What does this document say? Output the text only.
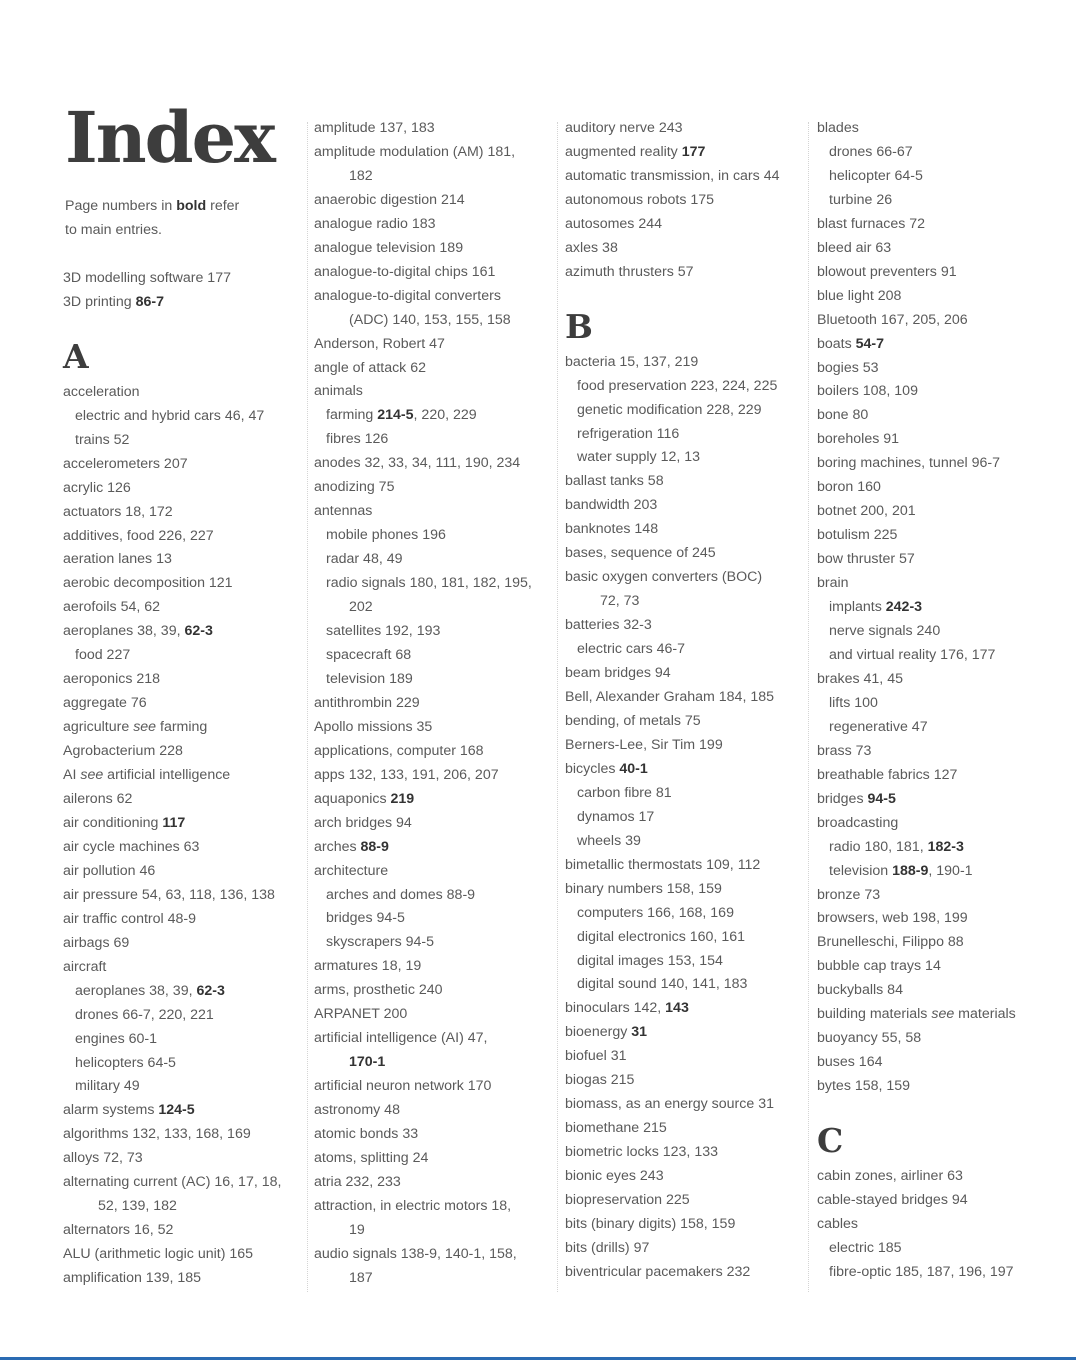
Index
Page numbers in bold refer
to main entries.
3D modelling software 177
3D printing 86-7
A
acceleration
electric and hybrid cars 46, 47
trains 52
accelerometers 207
acrylic 126
actuators 18, 172
additives, food 226, 227
aeration lanes 13
aerobic decomposition 121
aerofoils 54, 62
aeroplanes 38, 39, 62-3
food 227
aeroponics 218
aggregate 76
agriculture see farming
Agrobacterium 228
AI see artificial intelligence
ailerons 62
air conditioning 117
air cycle machines 63
air pollution 46
air pressure 54, 63, 118, 136, 138
air traffic control 48-9
airbags 69
aircraft
aeroplanes 38, 39, 62-3
drones 66-7, 220, 221
engines 60-1
helicopters 64-5
military 49
alarm systems 124-5
algorithms 132, 133, 168, 169
alloys 72, 73
alternating current (AC) 16, 17, 18,
52, 139, 182
alternators 16, 52
ALU (arithmetic logic unit) 165
amplification 139, 185
amplitude 137, 183
amplitude modulation (AM) 181,
182
anaerobic digestion 214
analogue radio 183
analogue television 189
analogue-to-digital chips 161
analogue-to-digital converters
(ADC) 140, 153, 155, 158
Anderson, Robert 47
angle of attack 62
animals
farming 214-5, 220, 229
fibres 126
anodes 32, 33, 34, 111, 190, 234
anodizing 75
antennas
mobile phones 196
radar 48, 49
radio signals 180, 181, 182, 195,
202
satellites 192, 193
spacecraft 68
television 189
antithrombin 229
Apollo missions 35
applications, computer 168
apps 132, 133, 191, 206, 207
aquaponics 219
arch bridges 94
arches 88-9
architecture
arches and domes 88-9
bridges 94-5
skyscrapers 94-5
armatures 18, 19
arms, prosthetic 240
ARPANET 200
artificial intelligence (AI) 47,
170-1
artificial neuron network 170
astronomy 48
atomic bonds 33
atoms, splitting 24
atria 232, 233
attraction, in electric motors 18,
19
audio signals 138-9, 140-1, 158,
187
auditory nerve 243
augmented reality 177
automatic transmission, in cars 44
autonomous robots 175
autosomes 244
axles 38
azimuth thrusters 57
B
bacteria 15, 137, 219
food preservation 223, 224, 225
genetic modification 228, 229
refrigeration 116
water supply 12, 13
ballast tanks 58
bandwidth 203
banknotes 148
bases, sequence of 245
basic oxygen converters (BOC)
72, 73
batteries 32-3
electric cars 46-7
beam bridges 94
Bell, Alexander Graham 184, 185
bending, of metals 75
Berners-Lee, Sir Tim 199
bicycles 40-1
carbon fibre 81
dynamos 17
wheels 39
bimetallic thermostats 109, 112
binary numbers 158, 159
computers 166, 168, 169
digital electronics 160, 161
digital images 153, 154
digital sound 140, 141, 183
binoculars 142, 143
bioenergy 31
biofuel 31
biogas 215
biomass, as an energy source 31
biomethane 215
biometric locks 123, 133
bionic eyes 243
biopreservation 225
bits (binary digits) 158, 159
bits (drills) 97
biventricular pacemakers 232
blades
drones 66-67
helicopter 64-5
turbine 26
blast furnaces 72
bleed air 63
blowout preventers 91
blue light 208
Bluetooth 167, 205, 206
boats 54-7
bogies 53
boilers 108, 109
bone 80
boreholes 91
boring machines, tunnel 96-7
boron 160
botnet 200, 201
botulism 225
bow thruster 57
brain
implants 242-3
nerve signals 240
and virtual reality 176, 177
brakes 41, 45
lifts 100
regenerative 47
brass 73
breathable fabrics 127
bridges 94-5
broadcasting
radio 180, 181, 182-3
television 188-9, 190-1
bronze 73
browsers, web 198, 199
Brunelleschi, Filippo 88
bubble cap trays 14
buckyballs 84
building materials see materials
buoyancy 55, 58
buses 164
bytes 158, 159
C
cabin zones, airliner 63
cable-stayed bridges 94
cables
electric 185
fibre-optic 185, 187, 196, 197
